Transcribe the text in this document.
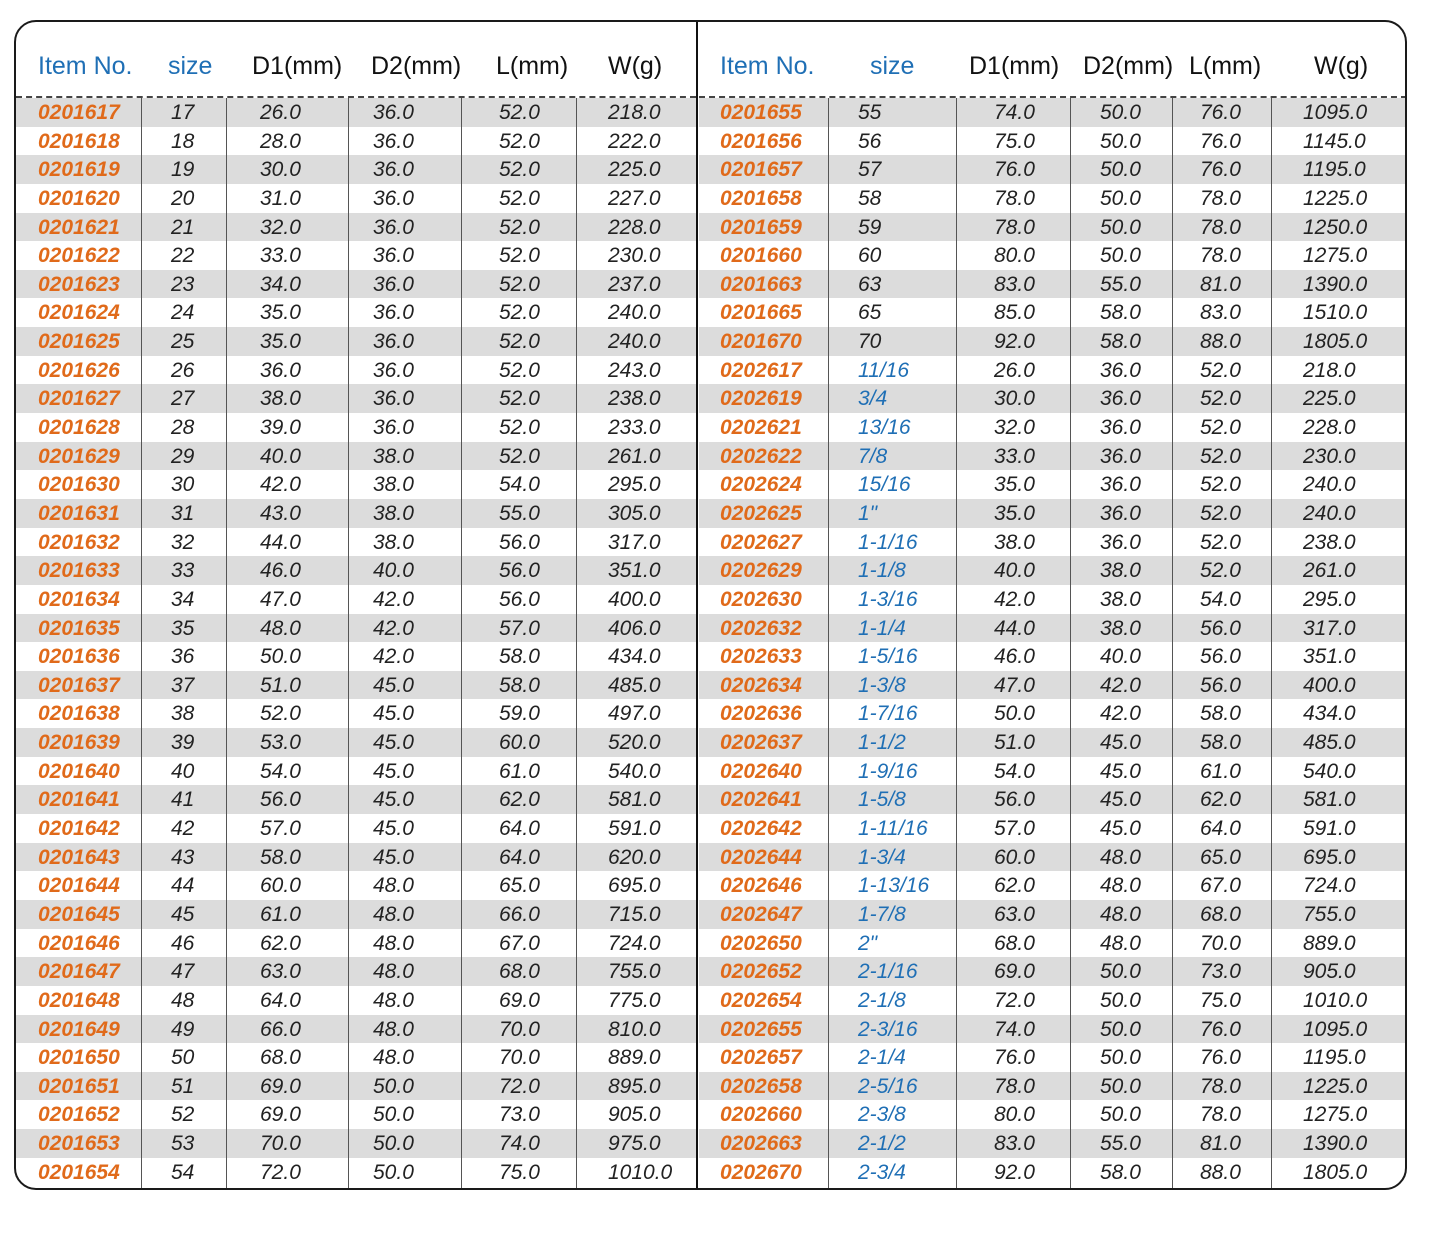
Item No. size D1(mm) D2(mm) L(mm) W(g)
0201617 17	26.0	36.0	52.0	218.0
0201618 18	28.0	36.0	52.0	222.0
0201619 19	30.0	36.0	52.0	225.0
0201620 20	31.0	36.0	52.0	227.0
0201621 21	32.0	36.0	52.0	228.0
0201622 22	33.0	36.0	52.0	230.0
0201623 23	34.0	36.0	52.0	237.0
0201624 24	35.0	36.0	52.0	240.0
0201625 25	35.0	36.0	52.0	240.0
0201626 26	36.0	36.0	52.0	243.0
0201627 27	38.0	36.0	52.0	238.0
0201628 28	39.0	36.0	52.0	233.0
0201629 29	40.0	38.0	52.0	261.0
0201630 30	42.0	38.0	54.0	295.0
0201631 31	43.0	38.0	55.0	305.0
0201632 32	44.0	38.0	56.0	317.0
0201633 33	46.0	40.0	56.0	351.0
0201634 34	47.0	42.0	56.0	400.0
0201635 35	48.0	42.0	57.0	406.0
0201636 36	50.0	42.0	58.0	434.0
0201637 37	51.0	45.0	58.0	485.0
0201638 38	52.0	45.0	59.0	497.0
0201639 39	53.0	45.0	60.0	520.0
0201640 40	54.0	45.0	61.0	540.0
0201641 41	56.0	45.0	62.0	581.0
0201642 42	57.0	45.0	64.0	591.0
0201643 43	58.0	45.0	64.0	620.0
0201644 44	60.0	48.0	65.0	695.0
0201645 45	61.0	48.0	66.0	715.0
0201646 46	62.0	48.0	67.0	724.0
0201647 47	63.0	48.0	68.0	755.0
0201648 48	64.0	48.0	69.0	775.0
0201649 49	66.0	48.0	70.0	810.0
0201650 50	68.0	48.0	70.0	889.0
0201651 51	69.0	50.0	72.0	895.0
0201652 52	69.0	50.0	73.0	905.0
0201653 53	70.0	50.0	74.0	975.0
0201654 54	72.0	50.0	75.0	1010.0
Item No. size D1(mm) D2(mm) L(mm) W(g)
0201655	55	74.0	50.0	76.0	1095.0
0201656	56	75.0	50.0	76.0	1145.0
0201657	57	76.0	50.0	76.0	1195.0
0201658	58	78.0	50.0	78.0	1225.0
0201659	59	78.0	50.0	78.0	1250.0
0201660	60	80.0	50.0	78.0	1275.0
0201663	63	83.0	55.0	81.0	1390.0
0201665	65	85.0	58.0	83.0	1510.0
0201670	70	92.0	58.0	88.0	1805.0
0202617	11/16	26.0	36.0	52.0	218.0
0202619	3/4	30.0	36.0	52.0	225.0
0202621	13/16	32.0	36.0	52.0	228.0
0202622	7/8	33.0	36.0	52.0	230.0
0202624	15/16	35.0	36.0	52.0	240.0
0202625	1"	35.0	36.0	52.0	240.0
0202627	1-1/16	38.0	36.0	52.0	238.0
0202629	1-1/8	40.0	38.0	52.0	261.0
0202630	1-3/16	42.0	38.0	54.0	295.0
0202632	1-1/4	44.0	38.0	56.0	317.0
0202633	1-5/16	46.0	40.0	56.0	351.0
0202634	1-3/8	47.0	42.0	56.0	400.0
0202636	1-7/16	50.0	42.0	58.0	434.0
0202637	1-1/2	51.0	45.0	58.0	485.0
0202640	1-9/16	54.0	45.0	61.0	540.0
0202641	1-5/8	56.0	45.0	62.0	581.0
0202642	1-11/16	57.0	45.0	64.0	591.0
0202644	1-3/4	60.0	48.0	65.0	695.0
0202646	1-13/16	62.0	48.0	67.0	724.0
0202647	1-7/8	63.0	48.0	68.0	755.0
0202650	2"	68.0	48.0	70.0	889.0
0202652	2-1/16	69.0	50.0	73.0	905.0
0202654	2-1/8	72.0	50.0	75.0	1010.0
0202655	2-3/16	74.0	50.0	76.0	1095.0
0202657	2-1/4	76.0	50.0	76.0	1195.0
0202658	2-5/16	78.0	50.0	78.0	1225.0
0202660	2-3/8	80.0	50.0	78.0	1275.0
0202663	2-1/2	83.0	55.0	81.0	1390.0
0202670	2-3/4	92.0	58.0	88.0	1805.0
